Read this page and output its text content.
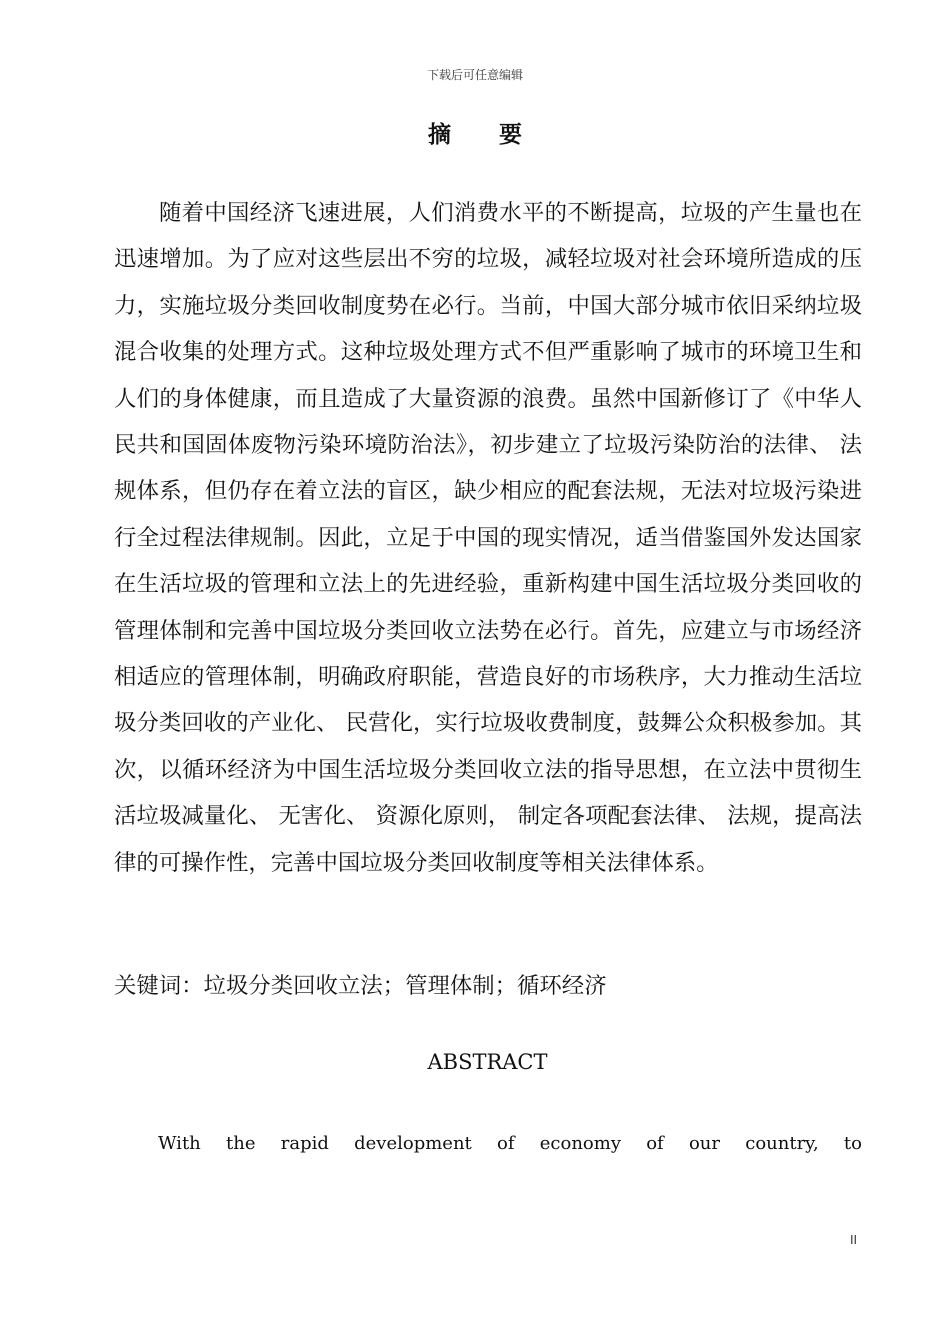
下载后可任意编辑
摘 要

随着中国经济飞速进展，人们消费水平的不断提高，垃圾的产生量也在迅速增加。为了应对这些层出不穷的垃圾，减轻垃圾对社会环境所造成的压力，实施垃圾分类回收制度势在必行。当前，中国大部分城市依旧采纳垃圾混合收集的处理方式。这种垃圾处理方式不但严重影响了城市的环境卫生和人们的身体健康，而且造成了大量资源的浪费。虽然中国新修订了《中华人民共和国固体废物污染环境防治法》，初步建立了垃圾污染防治的法律、 法规体系，但仍存在着立法的盲区，缺少相应的配套法规，无法对垃圾污染进行全过程法律规制。因此，立足于中国的现实情况，适当借鉴国外发达国家在生活垃圾的管理和立法上的先进经验，重新构建中国生活垃圾分类回收的管理体制和完善中国垃圾分类回收立法势在必行。首先，应建立与市场经济相适应的管理体制，明确政府职能，营造良好的市场秩序，大力推动生活垃圾分类回收的产业化、 民营化，实行垃圾收费制度，鼓舞公众积极参加。其次，以循环经济为中国生活垃圾分类回收立法的指导思想，在立法中贯彻生活垃圾减量化、 无害化、 资源化原则， 制定各项配套法律、 法规，提高法律的可操作性，完善中国垃圾分类回收制度等相关法律体系。

关键词：垃圾分类回收立法；管理体制；循环经济

ABSTRACT

With the rapid development of economy of our country, to

II
